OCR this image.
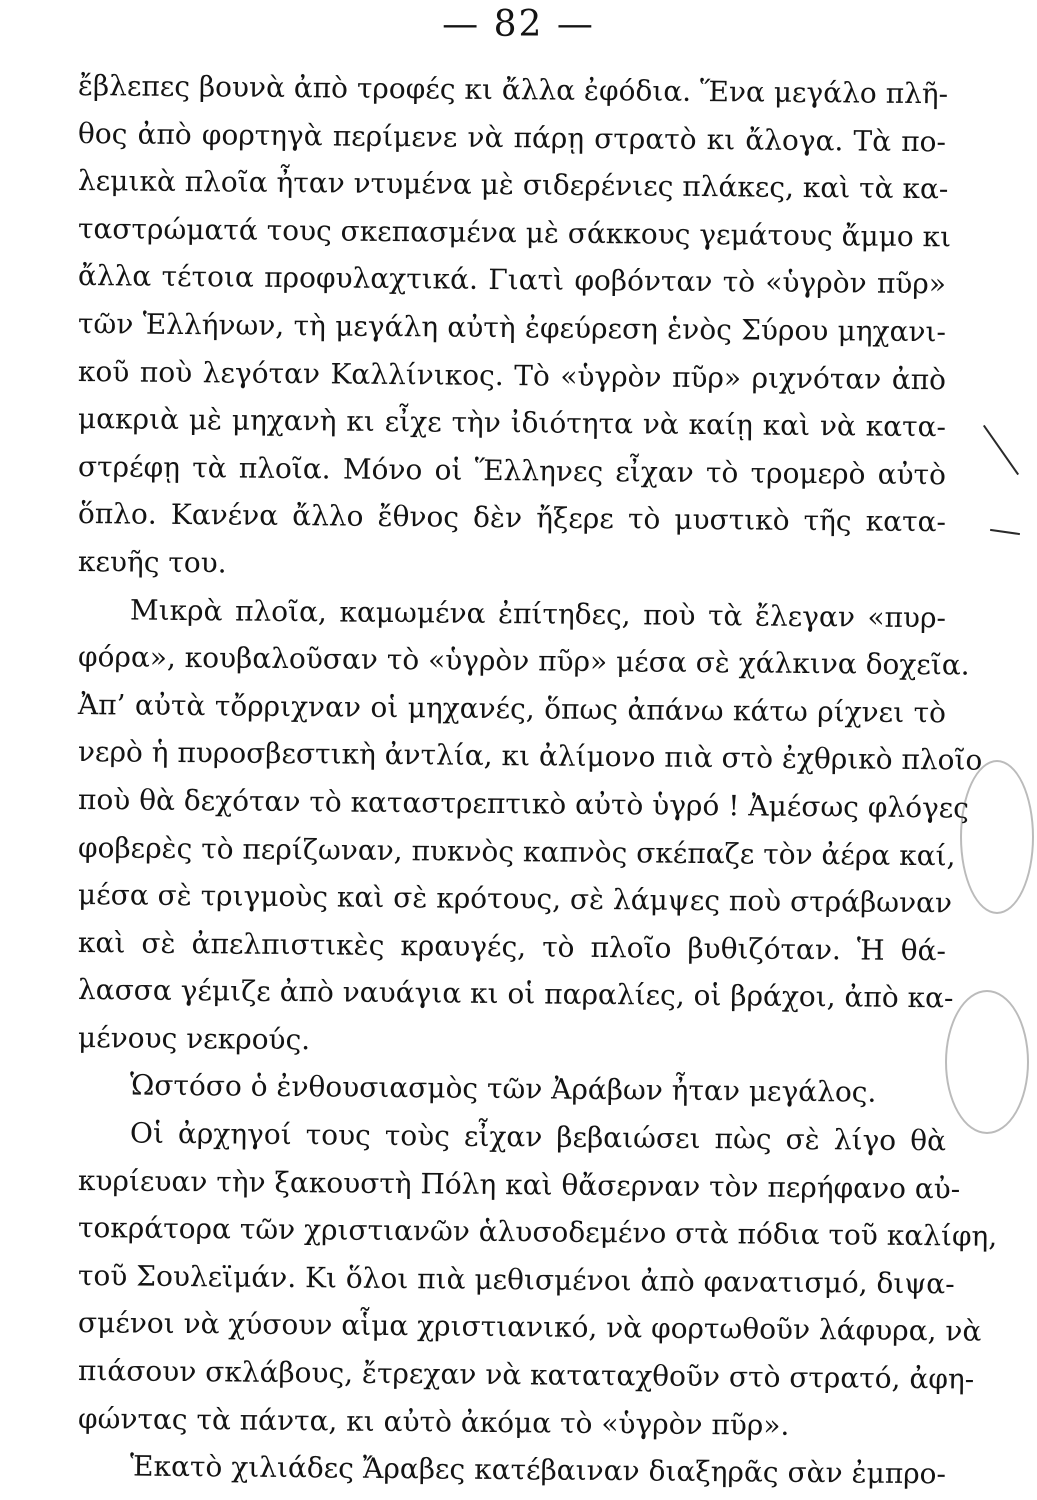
— 82 —
ἔβλεπες βουνὰ ἀπὸ τροφές κι ἄλλα ἐφόδια. Ἕνα μεγάλο πλῆ-
θος ἀπὸ φορτηγὰ περίμενε νὰ πάρῃ στρατὸ κι ἄλογα. Τὰ πο-
λεμικὰ πλοῖα ἦταν ντυμένα μὲ σιδερένιες πλάκες, καὶ τὰ κα-
ταστρώματά τους σκεπασμένα μὲ σάκκους γεμάτους ἄμμο κι
ἄλλα τέτοια προφυλαχτικά. Γιατὶ φοβόνταν τὸ «ὑγρὸν πῦρ»
τῶν Ἑλλήνων, τὴ μεγάλη αὐτὴ ἐφεύρεση ἑνὸς Σύρου μηχανι-
κοῦ ποὺ λεγόταν Καλλίνικος. Τὸ «ὑγρὸν πῦρ» ριχνόταν ἀπὸ
μακριὰ μὲ μηχανὴ κι εἶχε τὴν ἰδιότητα νὰ καίῃ καὶ νὰ κατα-
στρέφῃ τὰ πλοῖα. Μόνο οἱ Ἕλληνες εἶχαν τὸ τρομερὸ αὐτὸ
ὅπλο. Κανένα ἄλλο ἔθνος δὲν ἤξερε τὸ μυστικὸ τῆς κατα-
κευῆς του.
Μικρὰ πλοῖα, καμωμένα ἐπίτηδες, ποὺ τὰ ἔλεγαν «πυρ-
φόρα», κουβαλοῦσαν τὸ «ὑγρὸν πῦρ» μέσα σὲ χάλκινα δοχεῖα.
Ἀπ’ αὐτὰ τὄρριχναν οἱ μηχανές, ὅπως ἀπάνω κάτω ρίχνει τὸ
νερὸ ἡ πυροσβεστικὴ ἀντλία, κι ἀλίμονο πιὰ στὸ ἐχθρικὸ πλοῖο
ποὺ θὰ δεχόταν τὸ καταστρεπτικὸ αὐτὸ ὑγρό ! Ἀμέσως φλόγες
φοβερὲς τὸ περίζωναν, πυκνὸς καπνὸς σκέπαζε τὸν ἀέρα καί,
μέσα σὲ τριγμοὺς καὶ σὲ κρότους, σὲ λάμψες ποὺ στράβωναν
καὶ σὲ ἀπελπιστικὲς κραυγές, τὸ πλοῖο βυθιζόταν. Ἡ θά-
λασσα γέμιζε ἀπὸ ναυάγια κι οἱ παραλίες, οἱ βράχοι, ἀπὸ κα-
μένους νεκρούς.
Ὡστόσο ὁ ἐνθουσιασμὸς τῶν Ἀράβων ἦταν μεγάλος.
Οἱ ἀρχηγοί τους τοὺς εἶχαν βεβαιώσει πὼς σὲ λίγο θὰ
κυρίευαν τὴν ξακουστὴ Πόλη καὶ θἄσερναν τὸν περήφανο αὐ-
τοκράτορα τῶν χριστιανῶν ἁλυσοδεμένο στὰ πόδια τοῦ καλίφη,
τοῦ Σουλεϊμάν. Κι ὅλοι πιὰ μεθισμένοι ἀπὸ φανατισμό, διψα-
σμένοι νὰ χύσουν αἷμα χριστιανικό, νὰ φορτωθοῦν λάφυρα, νὰ
πιάσουν σκλάβους, ἔτρεχαν νὰ καταταχθοῦν στὸ στρατό, ἀφη-
φώντας τὰ πάντα, κι αὐτὸ ἀκόμα τὸ «ὑγρὸν πῦρ».
Ἑκατὸ χιλιάδες Ἄραβες κατέβαιναν διαξηρᾶς σὰν ἐμπρο-
